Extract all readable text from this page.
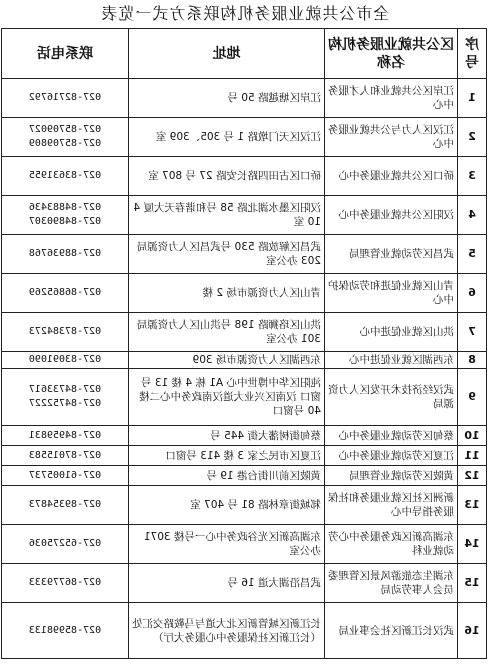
全市公共就业服务机构联系方式一览表
序号	区公共就业服务机构名称	地址	联系电话
1	江岸区公共就业和人才服务中心	江岸区塘越路 50 号	027-82716792

2	江汉区人力与公共就业服务中心	江汉区天门墩路 1 号 305、309 室	027-85709027
027-85709809

3	硚口区公共就业服务中心	硚口区古田四路长安路 27 号 807 室	027-83631955

4	汉阳区公共就业服务中心	汉阳区墨水湖北路 58 号和谐春天大厦 410 室	027-84883436
027-84890307

5	武昌区劳动就业管理局	武昌区解放路 530 号武昌区人力资源局 203 办公室	027-88936768

6	青山区就业促进和劳动保护中心	青山区人力资源市场 2 楼	027-86865269

7	洪山区就业促进中心	洪山区珞狮路 198 号洪山区人力资源局 301 办公室	027-87384273

8	东西湖区就业促进中心	东西湖区人力资源市场 309	027-83091090

9	武汉经济技术开发区人力资源局	沌阳区华中博世中心 A1 栋 4 楼 13 号窗口 汉南区兴业大道汉南政务中心二楼 40 号窗口	027-84733617
027-84752227

10	蔡甸区劳动就业服务中心	蔡甸街树藩大街 445 号	027-84959831

11	江夏区劳动就业服务中心	江夏区市民之家 3 楼 413 号窗口	027-87015583

12	黄陂区劳动就业管理局	黄陂区前川街台港 19 号	027-61005737

13	新洲区社区就业服务和社保服务指导中心	邾城街章林路 81 号 407 室	027-89354873

14	东湖高新区政务服务中心劳动就业科	东湖高新区光谷政务中心一号楼 3071 办公室	027-65275036

15	东湖生态旅游风景区管理委员会人事劳动局	武昌沿湖大道 16 号	027-86779333

16	武汉长江新区社会事业局	长江新区城管新区北大道与马鞍路交汇处（长江新区社保服务中心服务大厅）	027-85998133
